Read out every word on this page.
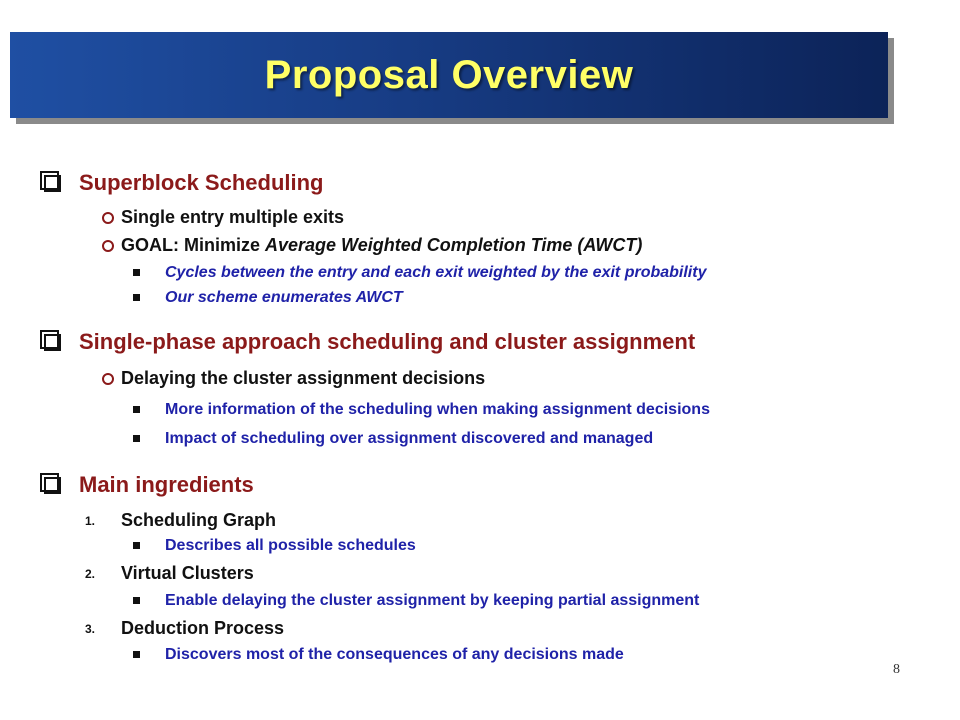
Proposal Overview
Superblock Scheduling
Single entry multiple exits
GOAL: Minimize Average Weighted Completion Time (AWCT)
Cycles between the entry and each exit weighted by the exit probability
Our scheme enumerates AWCT
Single-phase approach scheduling and cluster assignment
Delaying the cluster assignment decisions
More information of the scheduling when making assignment decisions
Impact of scheduling over assignment discovered and managed
Main ingredients
1. Scheduling Graph
Describes all possible schedules
2. Virtual Clusters
Enable delaying the cluster assignment by keeping partial assignment
3. Deduction Process
Discovers most of the consequences of any decisions made
8
